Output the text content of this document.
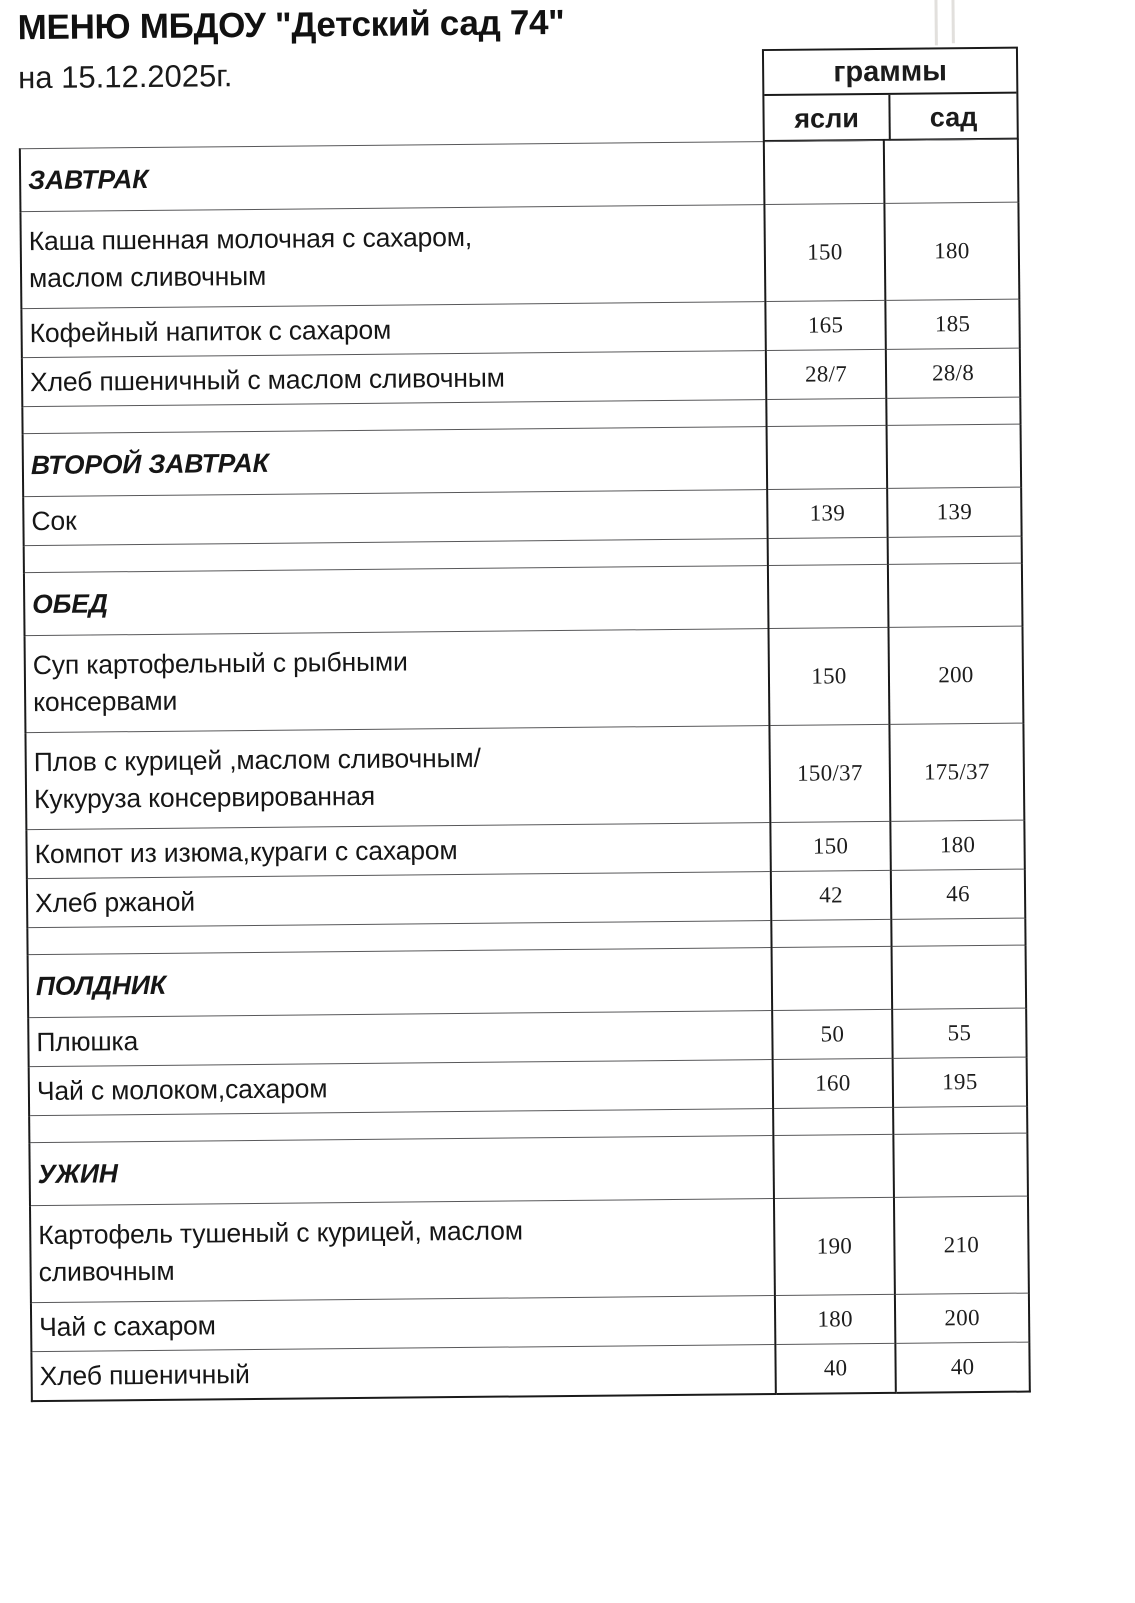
МЕНЮ МБДОУ "Детский сад 74"
на 15.12.2025г.	граммы
ясли	сад
ЗАВТРАК		

Каша пшенная молочная с сахаром,
маслом сливочным	150	180
Кофейный напиток с сахаром	165	185
Хлеб пшеничный с маслом сливочным	28/7	28/8

ВТОРОЙ ЗАВТРАК		
Сок	139	139

ОБЕД		

Суп картофельный с рыбными
консервами	150	200

Плов с курицей ,маслом сливочным/
Кукуруза консервированная	150/37	175/37
Компот из изюма,кураги с сахаром	150	180
Хлеб ржаной	42	46

ПОЛДНИК		
Плюшка	50	55
Чай с молоком,сахаром	160	195

УЖИН		

Картофель тушеный с курицей, маслом
сливочным	190	210
Чай с сахаром	180	200
Хлеб пшеничный	40	40
